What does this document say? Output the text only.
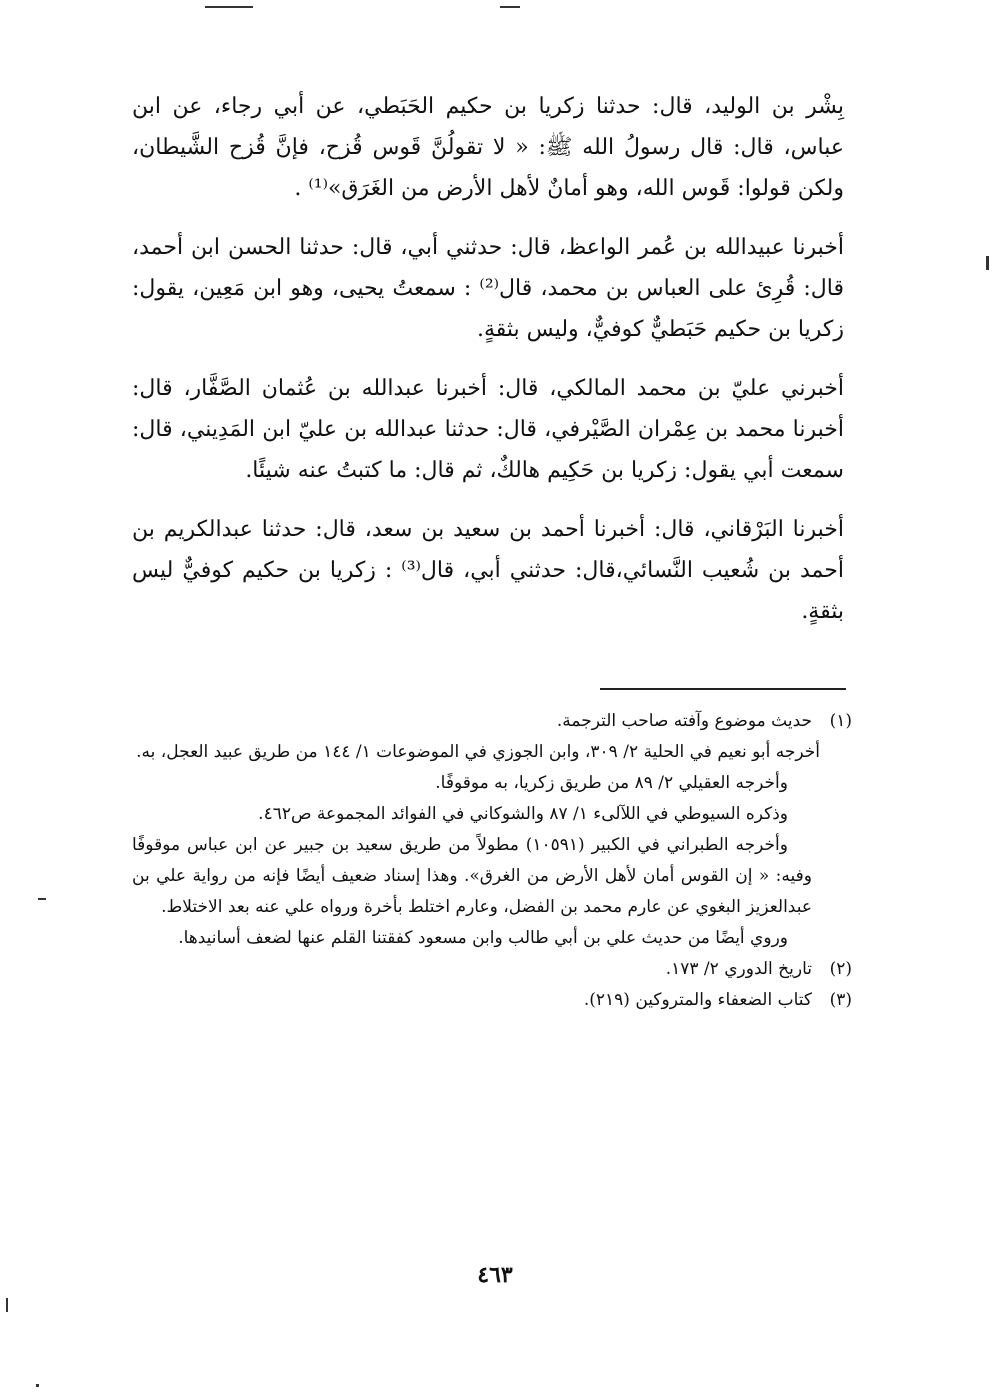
بِشْر بن الوليد، قال: حدثنا زكريا بن حكيم الحَبَطي، عن أبي رجاء، عن ابن عباس، قال: قال رسولُ الله ﷺ: « لا تقولُنَّ قَوس قُزح، فإنَّ قُزح الشَّيطان، ولكن قولوا: قَوس الله، وهو أمانٌ لأهل الأرض من الغَرَق»⁽¹⁾ .

أخبرنا عبيدالله بن عُمر الواعظ، قال: حدثني أبي، قال: حدثنا الحسن ابن أحمد، قال: قُرِئ على العباس بن محمد، قال⁽²⁾ : سمعتُ يحيى، وهو ابن مَعِين، يقول: زكريا بن حكيم حَبَطيٌّ كوفيٌّ، وليس بثقةٍ.

أخبرني عليّ بن محمد المالكي، قال: أخبرنا عبدالله بن عُثمان الصَّفَّار، قال: أخبرنا محمد بن عِمْران الصَّيْرفي، قال: حدثنا عبدالله بن عليّ ابن المَدِيني، قال: سمعت أبي يقول: زكريا بن حَكِيم هالكٌ، ثم قال: ما كتبتُ عنه شيئًا.

أخبرنا البَرْقاني، قال: أخبرنا أحمد بن سعيد بن سعد، قال: حدثنا عبدالكريم بن أحمد بن شُعيب النَّسائي،قال: حدثني أبي، قال⁽³⁾ : زكريا بن حكيم كوفيٌّ ليس بثقةٍ.

(١)

حديث موضوع وآفته صاحب الترجمة.

أخرجه أبو نعيم في الحلية ٢/ ٣٠٩، وابن الجوزي في الموضوعات ١/ ١٤٤ من طريق عبيد العجل، به.

وأخرجه العقيلي ٢/ ٨٩ من طريق زكريا، به موقوفًا.

وذكره السيوطي في اللآلىء ١/ ٨٧ والشوكاني في الفوائد المجموعة ص٤٦٢.

وأخرجه الطبراني في الكبير (١٠٥٩١) مطولاً من طريق سعيد بن جبير عن ابن عباس موقوفًا وفيه: « إن القوس أمان لأهل الأرض من الغرق». وهذا إسناد ضعيف أيضًا فإنه من رواية علي بن عبدالعزيز البغوي عن عارم محمد بن الفضل، وعارم اختلط بأخرة ورواه علي عنه بعد الاختلاط.

وروي أيضًا من حديث علي بن أبي طالب وابن مسعود كفقتنا القلم عنها لضعف أسانيدها.

(٢)

تاريخ الدوري ٢/ ١٧٣.

(٣)

كتاب الضعفاء والمتروكين (٢١٩).

٤٦٣
